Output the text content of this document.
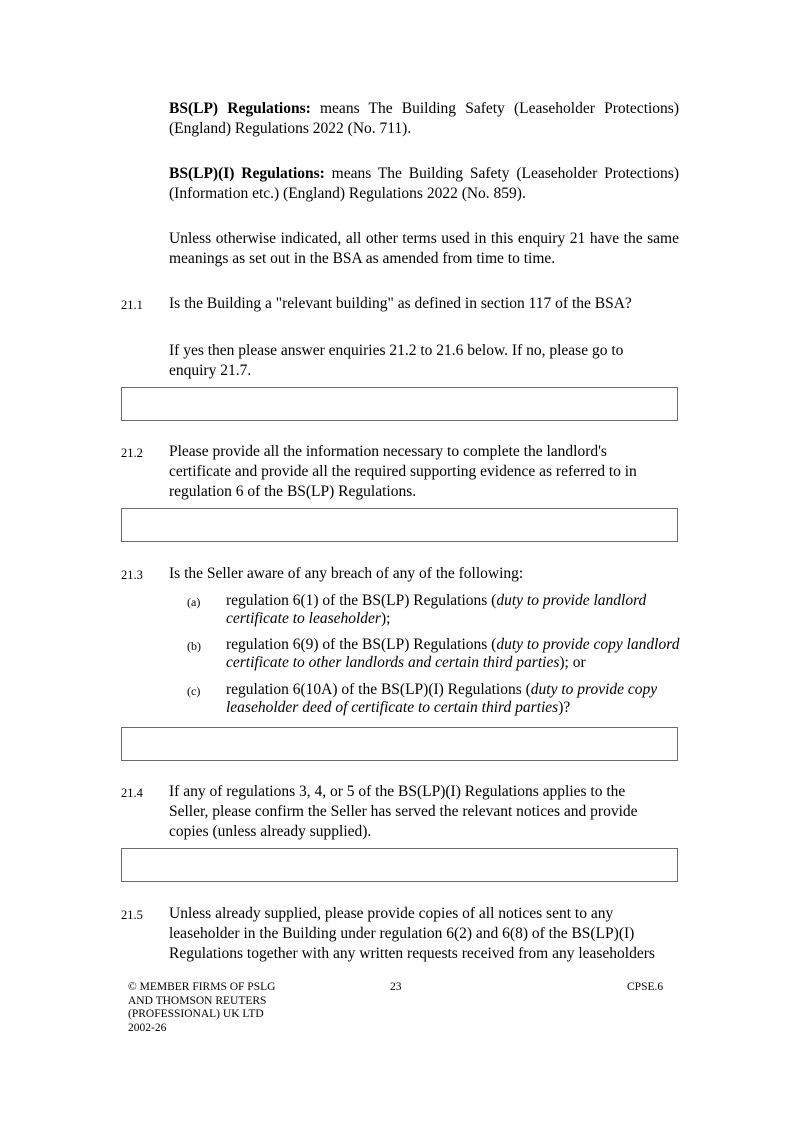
BS(LP) Regulations: means The Building Safety (Leaseholder Protections) (England) Regulations 2022 (No. 711).
BS(LP)(I) Regulations: means The Building Safety (Leaseholder Protections) (Information etc.) (England) Regulations 2022 (No. 859).
Unless otherwise indicated, all other terms used in this enquiry 21 have the same meanings as set out in the BSA as amended from time to time.
21.1 Is the Building a "relevant building" as defined in section 117 of the BSA?
If yes then please answer enquiries 21.2 to 21.6 below. If no, please go to enquiry 21.7.
21.2 Please provide all the information necessary to complete the landlord's certificate and provide all the required supporting evidence as referred to in regulation 6 of the BS(LP) Regulations.
21.3 Is the Seller aware of any breach of any of the following:
(a) regulation 6(1) of the BS(LP) Regulations (duty to provide landlord certificate to leaseholder);
(b) regulation 6(9) of the BS(LP) Regulations (duty to provide copy landlord certificate to other landlords and certain third parties); or
(c) regulation 6(10A) of the BS(LP)(I) Regulations (duty to provide copy leaseholder deed of certificate to certain third parties)?
21.4 If any of regulations 3, 4, or 5 of the BS(LP)(I) Regulations applies to the Seller, please confirm the Seller has served the relevant notices and provide copies (unless already supplied).
21.5 Unless already supplied, please provide copies of all notices sent to any leaseholder in the Building under regulation 6(2) and 6(8) of the BS(LP)(I) Regulations together with any written requests received from any leaseholders
© MEMBER FIRMS OF PSLG
AND THOMSON REUTERS
(PROFESSIONAL) UK LTD
2002-26
23	CPSE.6
